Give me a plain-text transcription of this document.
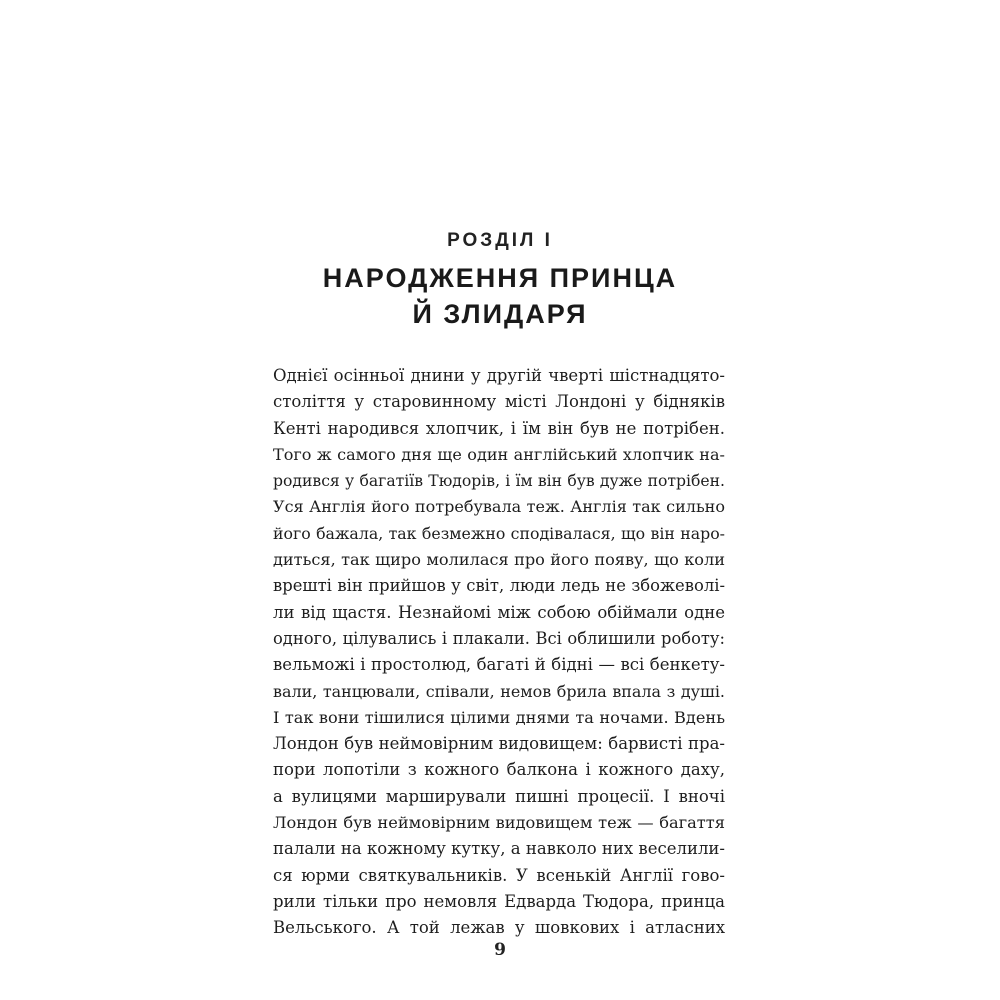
РОЗДІЛ I
НАРОДЖЕННЯ ПРИНЦА
Й ЗЛИДАРЯ
Однієї осінньої днини у другій чверті шістнадцято-
століття у старовинному місті Лондоні у бідняків
Кенті народився хлопчик, і їм він був не потрібен.
Того ж самого дня ще один англійський хлопчик на-
родився у багатіїв Тюдорів, і їм він був дуже потрібен.
Уся Англія його потребувала теж. Англія так сильно
його бажала, так безмежно сподівалася, що він наро-
диться, так щиро молилася про його появу, що коли
врешті він прийшов у світ, люди ледь не збожеволі-
ли від щастя. Незнайомі між собою обіймали одне
одного, цілувались і плакали. Всі облишили роботу:
вельможі і простолюд, багаті й бідні — всі бенкету-
вали, танцювали, співали, немов брила впала з душі.
І так вони тішилися цілими днями та ночами. Вдень
Лондон був неймовірним видовищем: барвисті пра-
пори лопотіли з кожного балкона і кожного даху,
а вулицями марширували пишні процесії. І вночі
Лондон був неймовірним видовищем теж — багаття
палали на кожному кутку, а навколо них веселили-
ся юрми святкувальників. У всенькій Англії гово-
рили тільки про немовля Едварда Тюдора, принца
Вельського. А той лежав у шовкових і атласних
9
